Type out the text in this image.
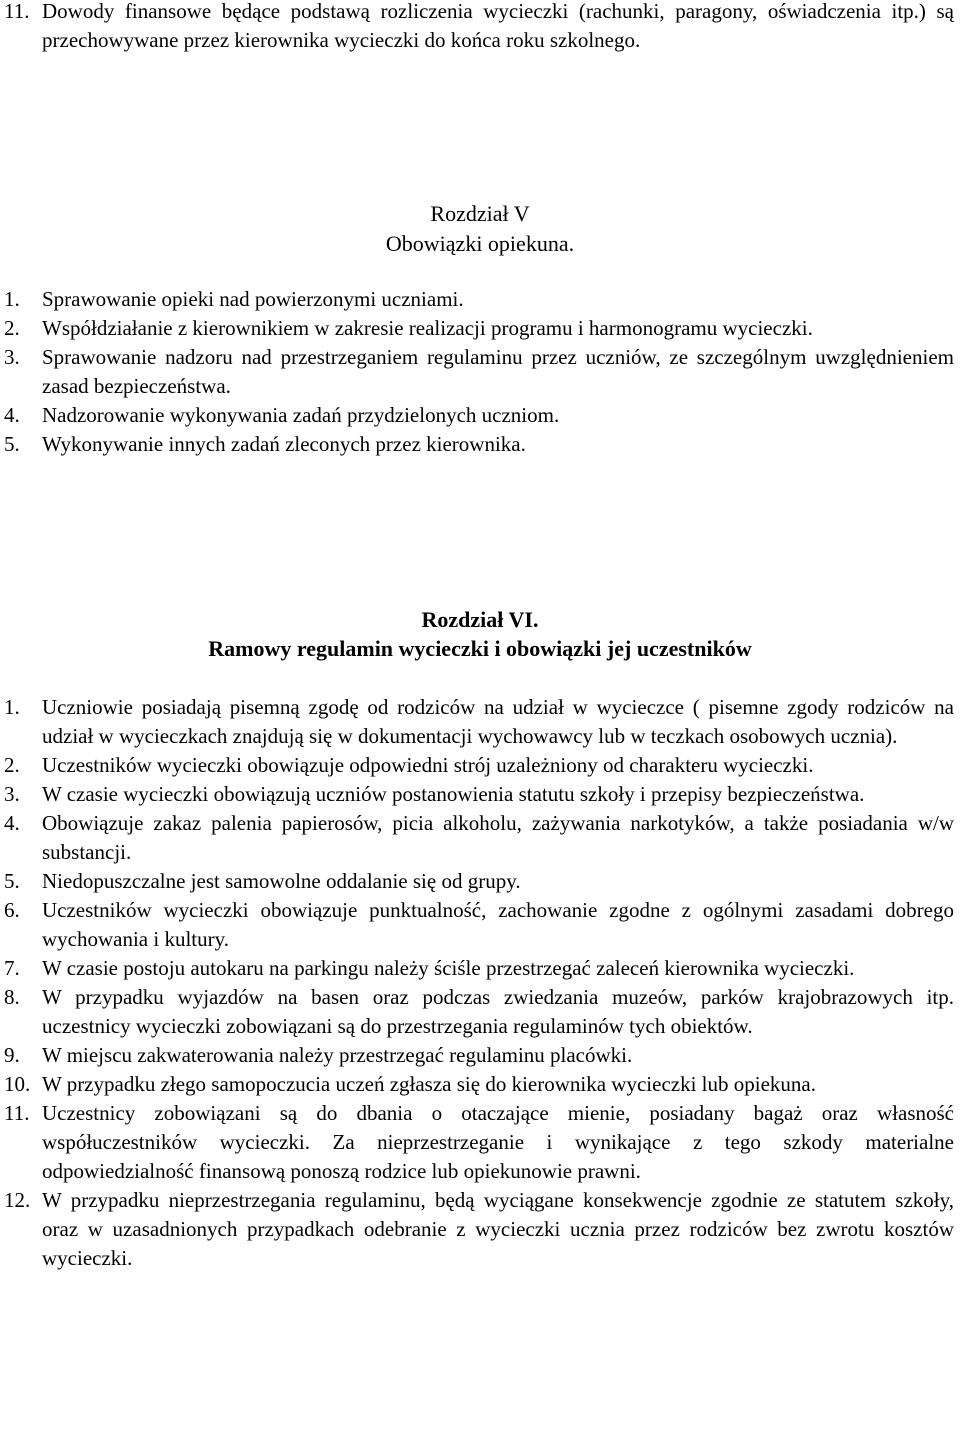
11. Dowody finansowe będące podstawą rozliczenia wycieczki (rachunki, paragony, oświadczenia itp.) są przechowywane przez kierownika wycieczki do końca roku szkolnego.
Rozdział V
Obowiązki opiekuna.
1.	Sprawowanie opieki nad powierzonymi uczniami.
2.	Współdziałanie z kierownikiem w zakresie realizacji programu i harmonogramu wycieczki.
3.	Sprawowanie nadzoru nad przestrzeganiem regulaminu przez uczniów, ze szczególnym uwzględnieniem zasad bezpieczeństwa.
4.	Nadzorowanie wykonywania zadań przydzielonych uczniom.
5.	Wykonywanie innych zadań zleconych przez kierownika.
Rozdział VI.
Ramowy regulamin wycieczki i obowiązki jej uczestników
1.	Uczniowie posiadają pisemną zgodę od rodziców na udział w wycieczce ( pisemne zgody rodziców na udział w wycieczkach znajdują się w dokumentacji wychowawcy lub w teczkach osobowych ucznia).
2.	Uczestników wycieczki obowiązuje odpowiedni strój uzależniony od charakteru wycieczki.
3.	W czasie wycieczki obowiązują uczniów postanowienia statutu szkoły i przepisy bezpieczeństwa.
4.	Obowiązuje zakaz palenia papierosów, picia alkoholu, zażywania narkotyków, a także posiadania w/w substancji.
5.	Niedopuszczalne jest samowolne oddalanie się od grupy.
6.	Uczestników wycieczki obowiązuje punktualność, zachowanie zgodne z ogólnymi zasadami dobrego wychowania i kultury.
7.	W czasie postoju autokaru na parkingu należy ściśle przestrzegać zaleceń kierownika wycieczki.
8.	W przypadku wyjazdów na basen oraz podczas zwiedzania muzeów, parków krajobrazowych itp. uczestnicy wycieczki zobowiązani są do przestrzegania regulaminów tych obiektów.
9.	W miejscu zakwaterowania należy przestrzegać regulaminu placówki.
10. W przypadku złego samopoczucia uczeń zgłasza się do kierownika wycieczki lub opiekuna.
11. Uczestnicy zobowiązani są do dbania o otaczające mienie, posiadany bagaż oraz własność współuczestników wycieczki. Za nieprzestrzeganie i wynikające z tego szkody materialne odpowiedzialność finansową ponoszą rodzice lub opiekunowie prawni.
12. W przypadku nieprzestrzegania regulaminu, będą wyciągane konsekwencje zgodnie ze statutem szkoły, oraz w uzasadnionych przypadkach odebranie z wycieczki ucznia przez rodziców bez zwrotu kosztów wycieczki.
